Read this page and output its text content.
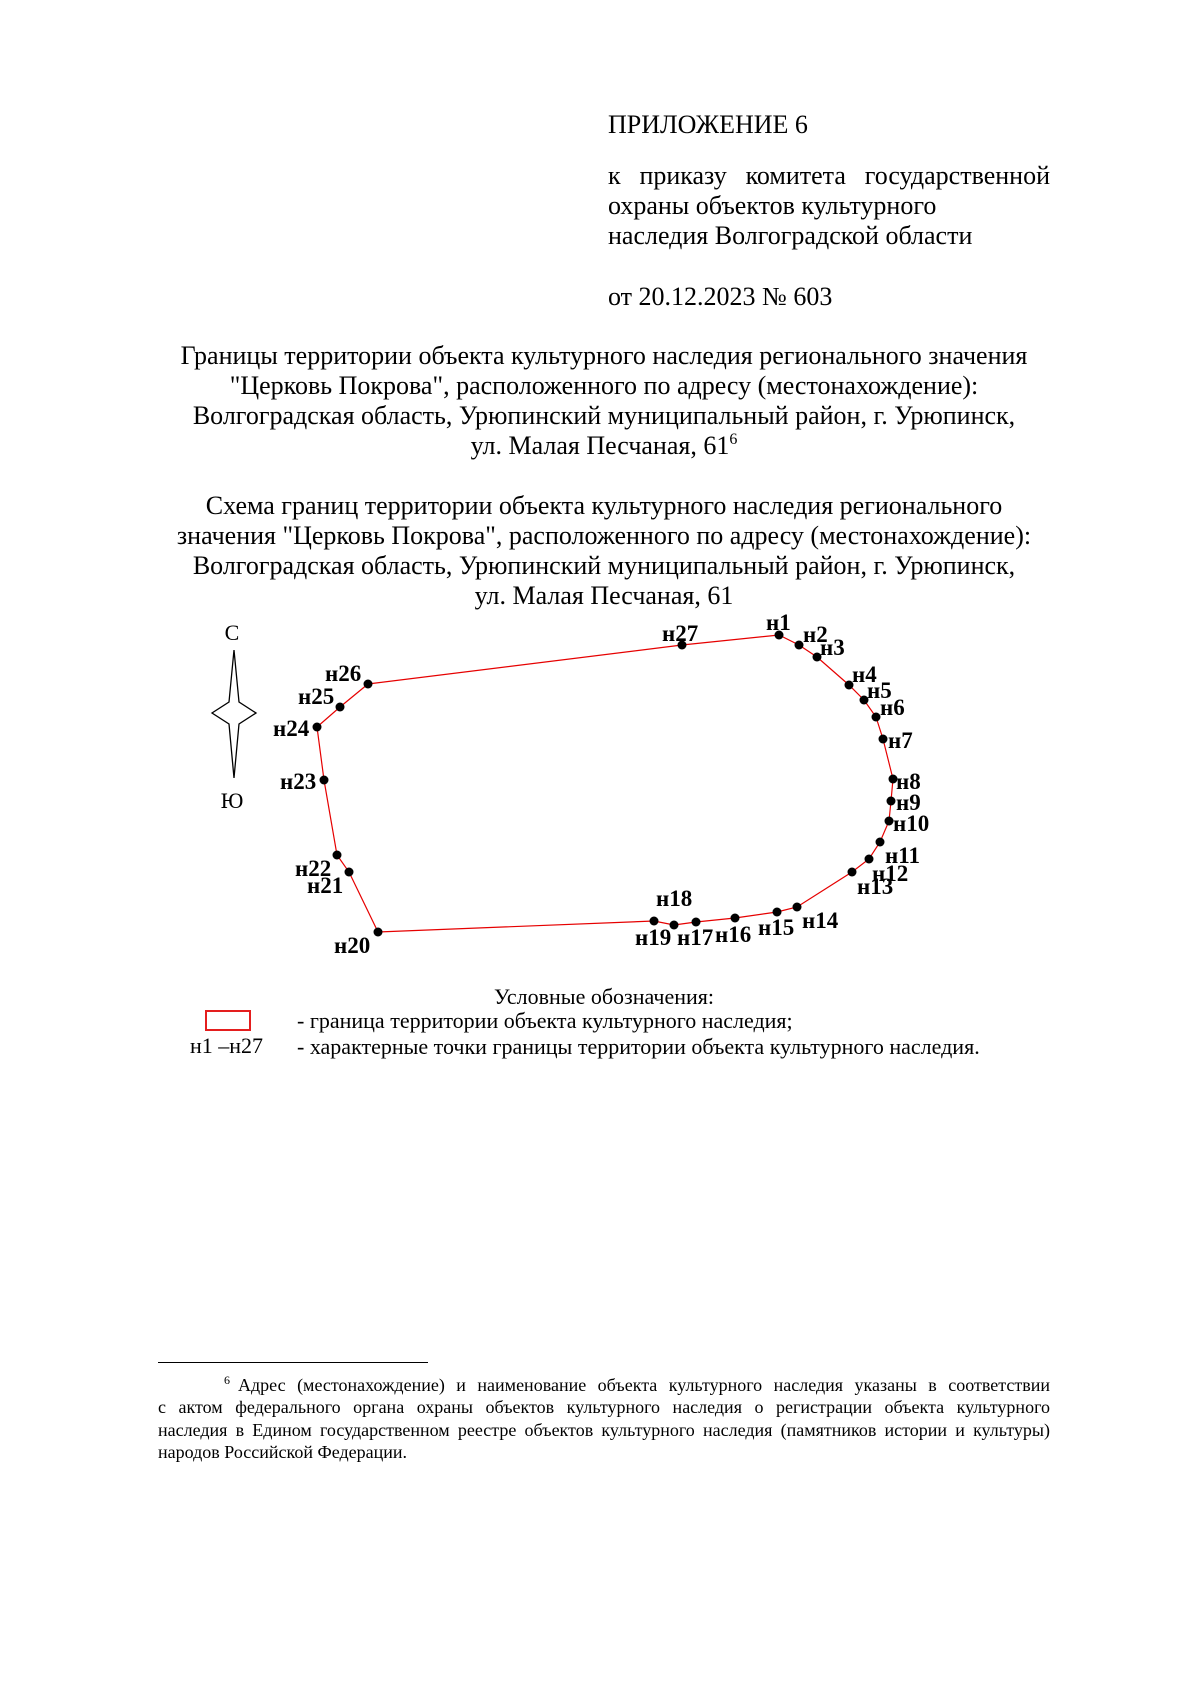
ПРИЛОЖЕНИЕ 6
к приказу комитета государственной
охраны объектов культурного
наследия Волгоградской области
от 20.12.2023 № 603
Границы территории объекта культурного наследия регионального значения
"Церковь Покрова", расположенного по адресу (местонахождение):
Волгоградская область, Урюпинский муниципальный район, г. Урюпинск,
ул. Малая Песчаная, 61$^6$
Схема границ территории объекта культурного наследия регионального
значения "Церковь Покрова", расположенного по адресу (местонахождение):
Волгоградская область, Урюпинский муниципальный район, г. Урюпинск,
ул. Малая Песчаная, 61
С
Ю
н1 н2
н3
н4
н5
н6
н7
н8
н9
н10
н11
н12
н13
н14
н15
н16
н17
н18
н19
н20
н21
н22
н23
н24
н25
н26
н27
Условные обозначения:
- граница территории объекта культурного наследия;
н1 –н27 - характерные точки границы территории объекта культурного наследия.
6 Адрес (местонахождение) и наименование объекта культурного наследия указаны в соответствии
с актом федерального органа охраны объектов культурного наследия о регистрации объекта культурного
наследия в Едином государственном реестре объектов культурного наследия (памятников истории и культуры)
народов Российской Федерации.
